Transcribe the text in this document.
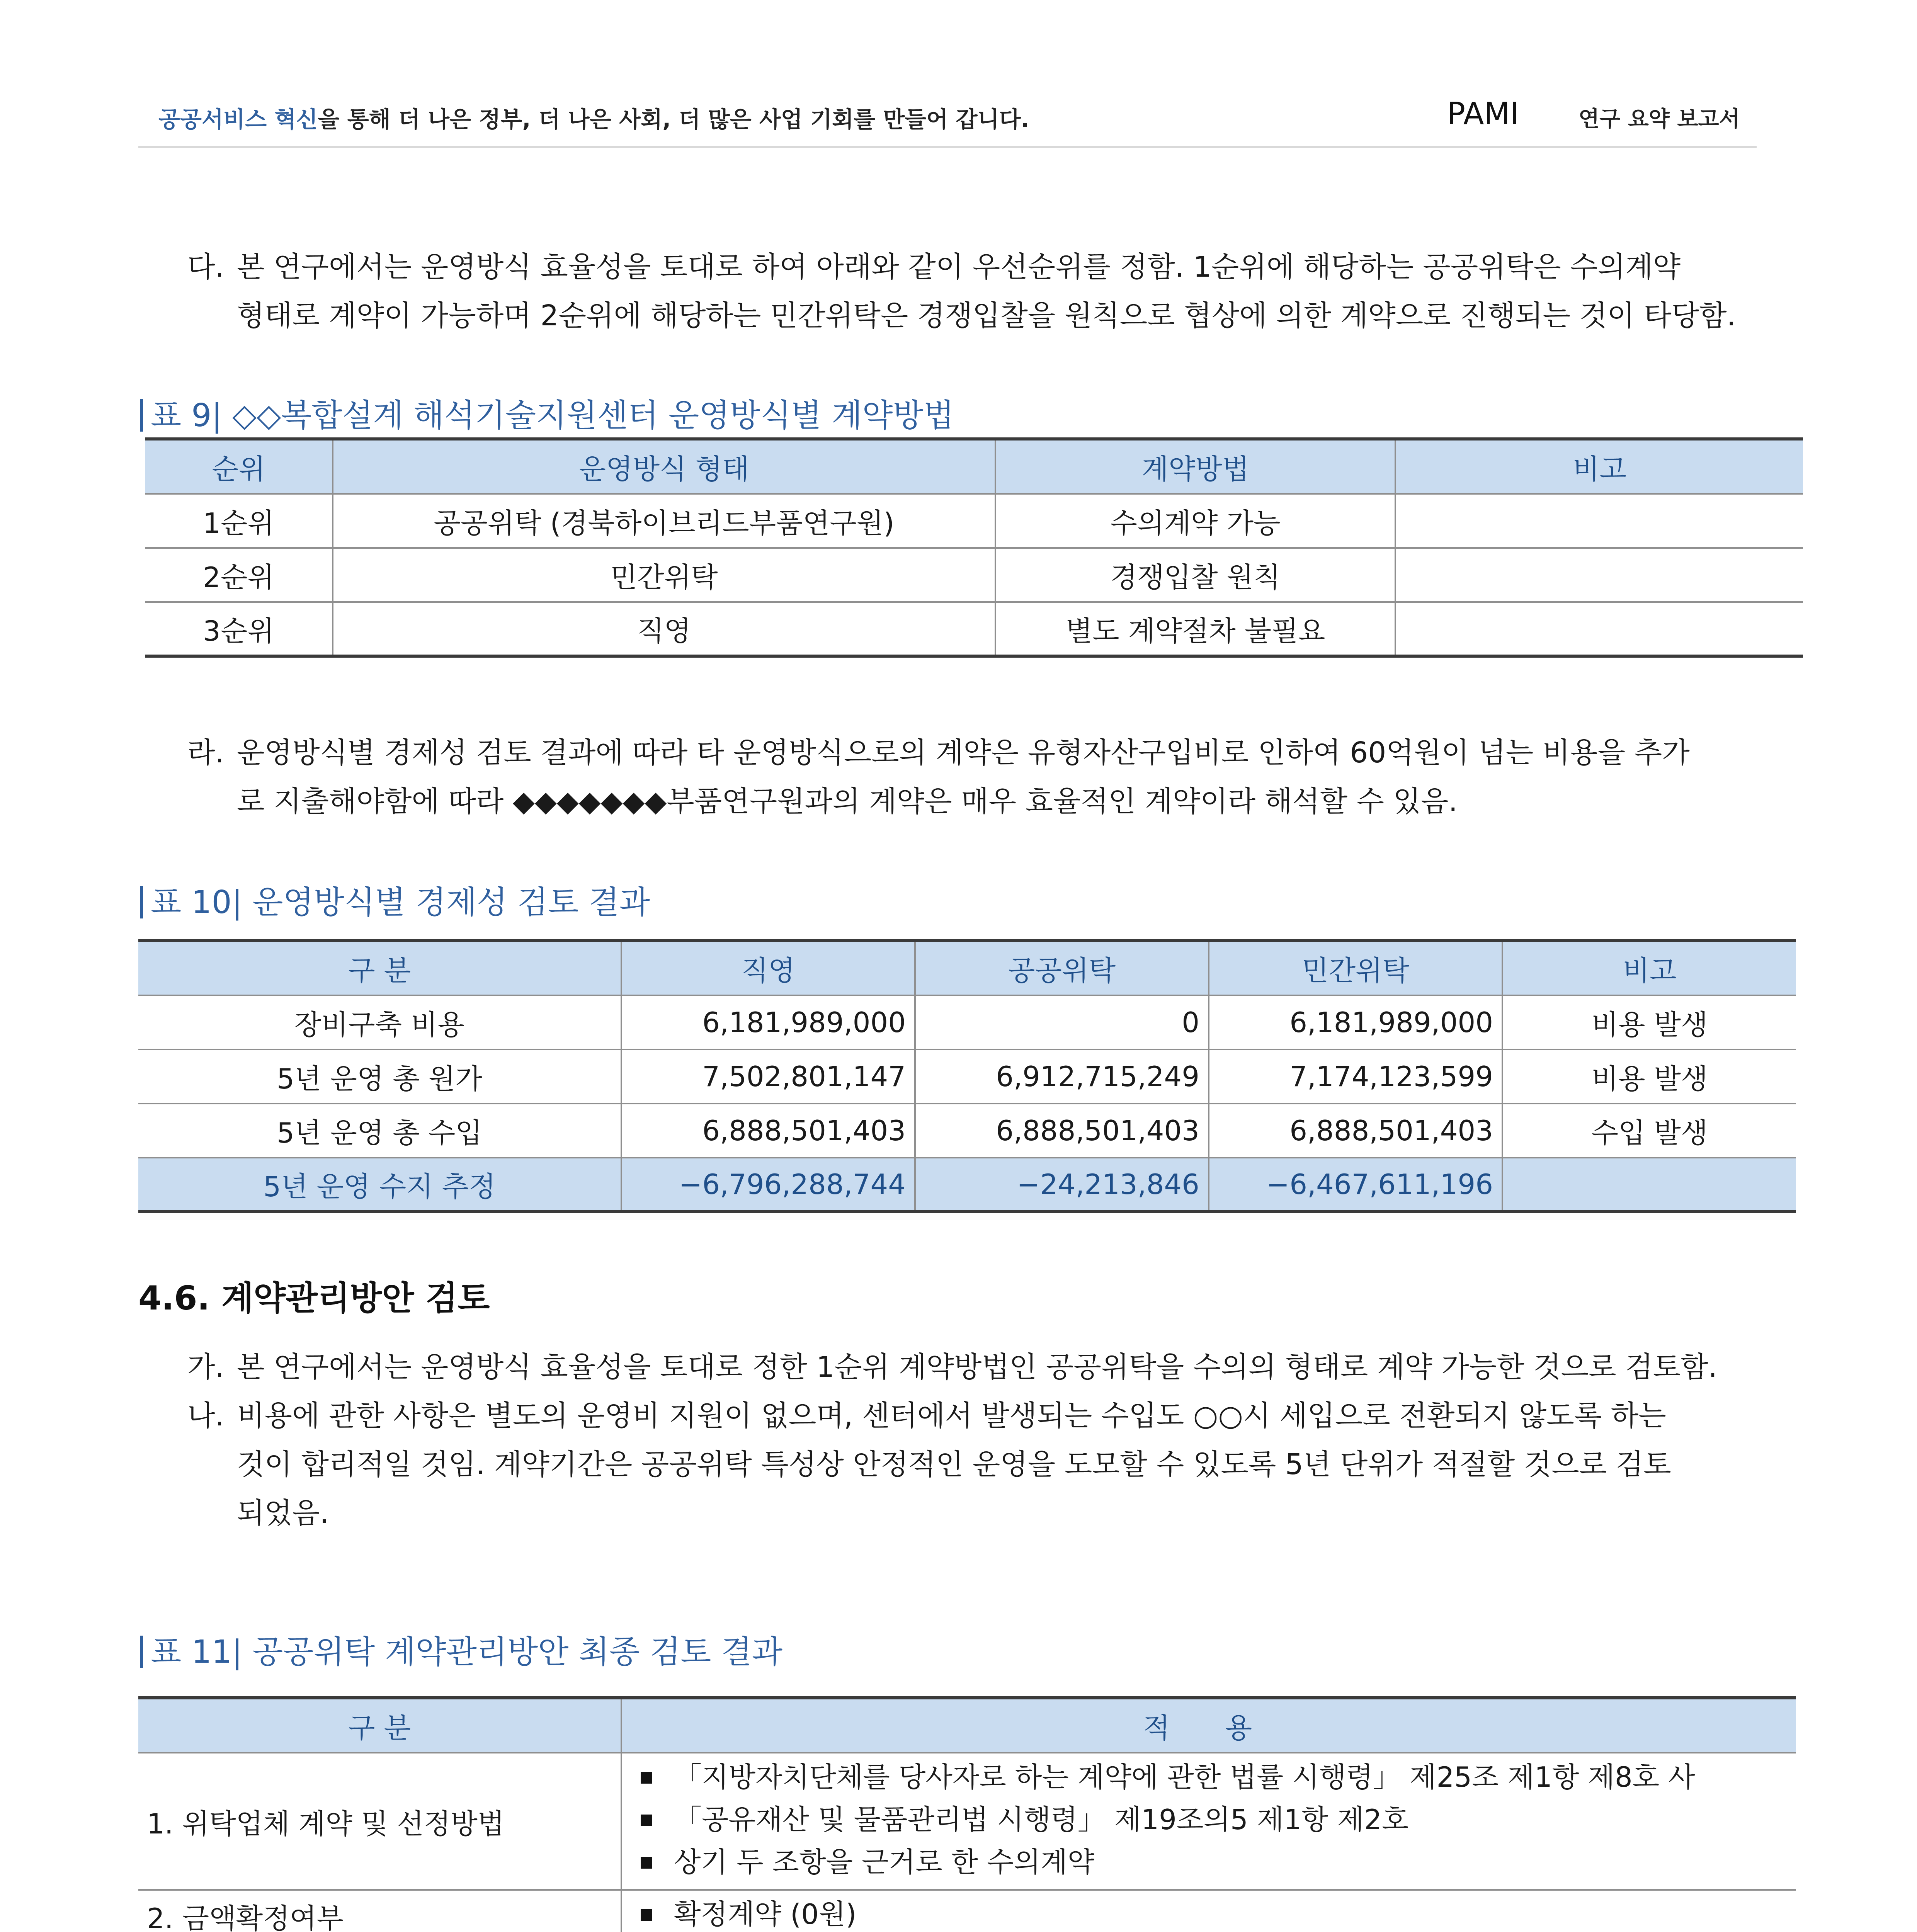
공공서비스 혁신을 통해 더 나은 정부, 더 나은 사회, 더 많은 사업 기회를 만들어 갑니다.	PAMI	연구 요약 보고서
다. 본 연구에서는 운영방식 효율성을 토대로 하여 아래와 같이 우선순위를 정함. 1순위에 해당하는 공공위탁은 수의계약
형태로 계약이 가능하며 2순위에 해당하는 민간위탁은 경쟁입찰을 원칙으로 협상에 의한 계약으로 진행되는 것이 타당함.
표 9| ◇◇복합설계 해석기술지원센터 운영방식별 계약방법
순위	운영방식 형태	계약방법	비고
1순위	공공위탁 (경북하이브리드부품연구원)	수의계약 가능	
2순위	민간위탁	경쟁입찰 원칙	
3순위	직영	별도 계약절차 불필요	
라. 운영방식별 경제성 검토 결과에 따라 타 운영방식으로의 계약은 유형자산구입비로 인하여 60억원이 넘는 비용을 추가
로 지출해야함에 따라 ◆◆◆◆◆◆◆부품연구원과의 계약은 매우 효율적인 계약이라 해석할 수 있음.
표 10| 운영방식별 경제성 검토 결과
구 분	직영	공공위탁	민간위탁	비고
장비구축 비용	6,181,989,000	0	6,181,989,000	비용 발생
5년 운영 총 원가	7,502,801,147	6,912,715,249	7,174,123,599	비용 발생
5년 운영 총 수입	6,888,501,403	6,888,501,403	6,888,501,403	수입 발생
5년 운영 수지 추정	−6,796,288,744	−24,213,846	−6,467,611,196	
4.6. 계약관리방안 검토
가. 본 연구에서는 운영방식 효율성을 토대로 정한 1순위 계약방법인 공공위탁을 수의의 형태로 계약 가능한 것으로 검토함.
나. 비용에 관한 사항은 별도의 운영비 지원이 없으며, 센터에서 발생되는 수입도 ○○시 세입으로 전환되지 않도록 하는
것이 합리적일 것임. 계약기간은 공공위탁 특성상 안정적인 운영을 도모할 수 있도록 5년 단위가 적절할 것으로 검토
되었음.
표 11| 공공위탁 계약관리방안 최종 검토 결과
구 분	적 용
1. 위탁업체 계약 및 선정방법	「지방자치단체를 당사자로 하는 계약에 관한 법률 시행령」 제25조 제1항 제8호 사
「공유재산 및 물품관리법 시행령」 제19조의5 제1항 제2호
상기 두 조항을 근거로 한 수의계약

2. 금액확정여부	확정계약 (0원)
